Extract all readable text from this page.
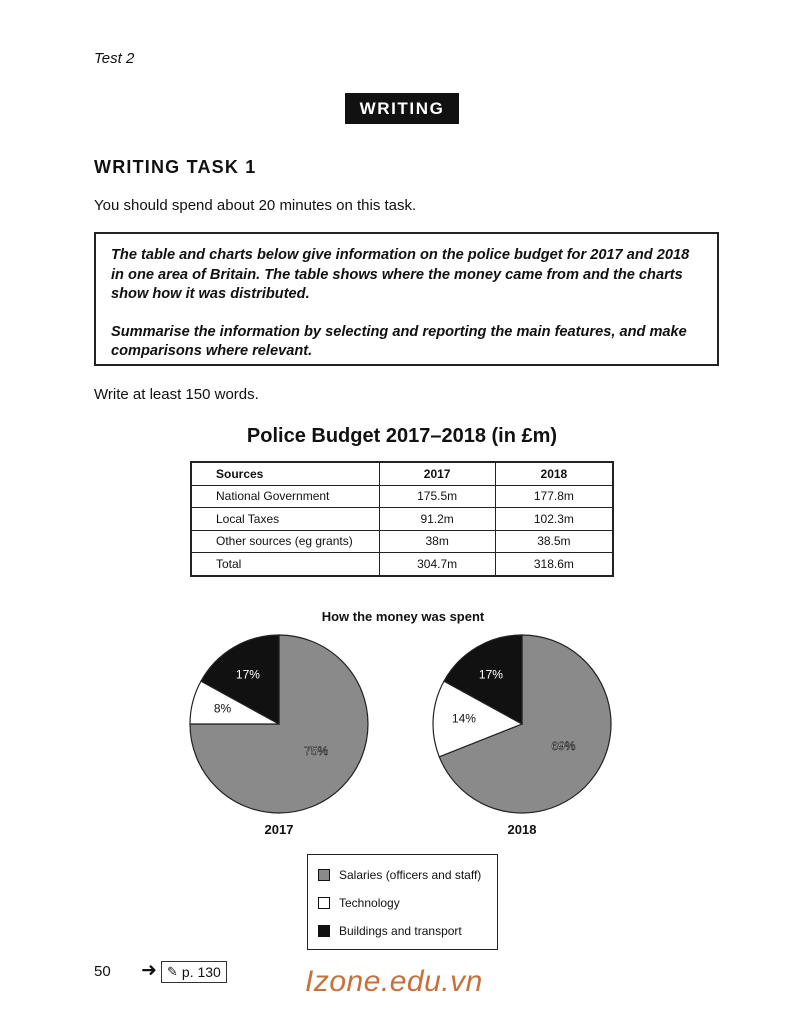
Test 2
WRITING
WRITING TASK 1
You should spend about 20 minutes on this task.

The table and charts below give information on the police budget for 2017 and 2018 in one area of Britain. The table shows where the money came from and the charts show how it was distributed.

Summarise the information by selecting and reporting the main features, and make comparisons where relevant.

Write at least 150 words.
Police Budget 2017–2018 (in £m)
Sources	2017	2018
National Government	175.5m	177.8m
Local Taxes	91.2m	102.3m
Other sources (eg grants)	38m	38.5m
Total	304.7m	318.6m
How the money was spent
75%
8%
17%
2017
69%
14%
17%
2018
Salaries (officers and staff)
Technology
Buildings and transport
50 ➜ ✎ p. 130	Izone.edu.vn
